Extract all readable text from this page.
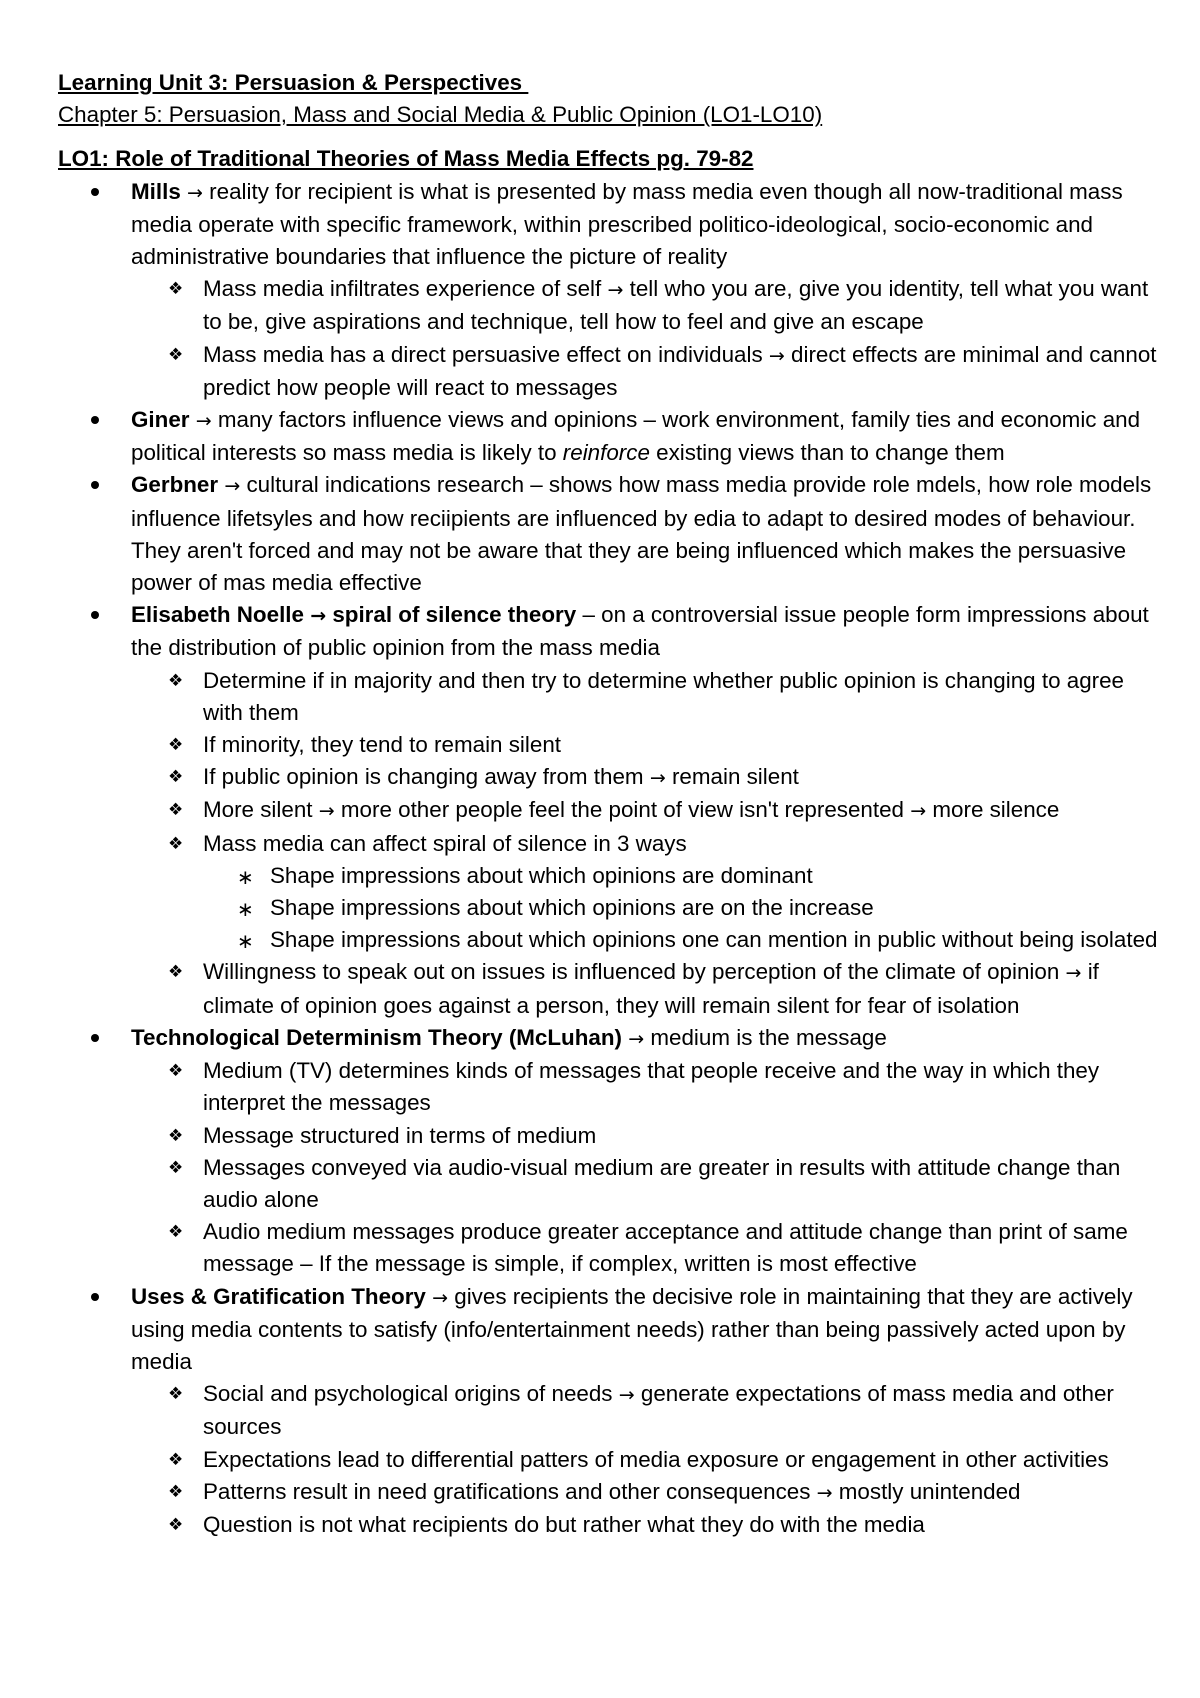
Learning Unit 3: Persuasion & Perspectives
Chapter 5: Persuasion, Mass and Social Media & Public Opinion (LO1-LO10)
LO1: Role of Traditional Theories of Mass Media Effects pg. 79-82
Mills → reality for recipient is what is presented by mass media even though all now-traditional mass media operate with specific framework, within prescribed politico-ideological, socio-economic and administrative boundaries that influence the picture of reality
❖ Mass media infiltrates experience of self → tell who you are, give you identity, tell what you want to be, give aspirations and technique, tell how to feel and give an escape
❖ Mass media has a direct persuasive effect on individuals → direct effects are minimal and cannot predict how people will react to messages
Giner → many factors influence views and opinions – work environment, family ties and economic and political interests so mass media is likely to reinforce existing views than to change them
Gerbner → cultural indications research – shows how mass media provide role mdels, how role models influence lifetsyles and how reciipients are influenced by edia to adapt to desired modes of behaviour. They aren't forced and may not be aware that they are being influenced which makes the persuasive power of mas media effective
Elisabeth Noelle → spiral of silence theory – on a controversial issue people form impressions about the distribution of public opinion from the mass media
❖ Determine if in majority and then try to determine whether public opinion is changing to agree with them
❖ If minority, they tend to remain silent
❖ If public opinion is changing away from them → remain silent
❖ More silent → more other people feel the point of view isn't represented → more silence
❖ Mass media can affect spiral of silence in 3 ways
∗ Shape impressions about which opinions are dominant
∗ Shape impressions about which opinions are on the increase
∗ Shape impressions about which opinions one can mention in public without being isolated
❖ Willingness to speak out on issues is influenced by perception of the climate of opinion → if climate of opinion goes against a person, they will remain silent for fear of isolation
Technological Determinism Theory (McLuhan) → medium is the message
❖ Medium (TV) determines kinds of messages that people receive and the way in which they interpret the messages
❖ Message structured in terms of medium
❖ Messages conveyed via audio-visual medium are greater in results with attitude change than audio alone
❖ Audio medium messages produce greater acceptance and attitude change than print of same message – If the message is simple, if complex, written is most effective
Uses & Gratification Theory → gives recipients the decisive role in maintaining that they are actively using media contents to satisfy (info/entertainment needs) rather than being passively acted upon by media
❖ Social and psychological origins of needs → generate expectations of mass media and other sources
❖ Expectations lead to differential patters of media exposure or engagement in other activities
❖ Patterns result in need gratifications and other consequences → mostly unintended
❖ Question is not what recipients do but rather what they do with the media
